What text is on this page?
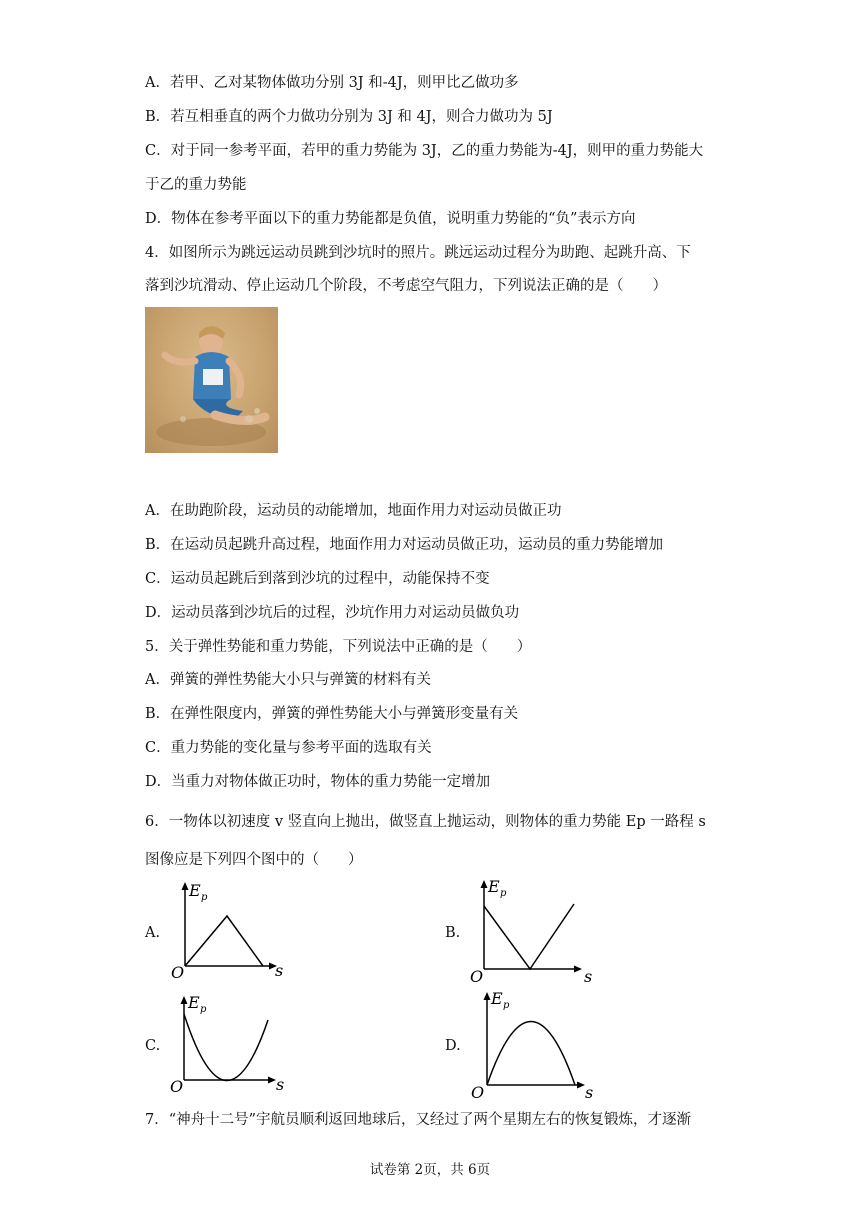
A．若甲、乙对某物体做功分别 3J 和-4J，则甲比乙做功多
B．若互相垂直的两个力做功分别为 3J 和 4J，则合力做功为 5J
C．对于同一参考平面，若甲的重力势能为 3J，乙的重力势能为-4J，则甲的重力势能大
于乙的重力势能
D．物体在参考平面以下的重力势能都是负值，说明重力势能的“负”表示方向
4．如图所示为跳远运动员跳到沙坑时的照片。跳远运动过程分为助跑、起跳升高、下
落到沙坑滑动、停止运动几个阶段，不考虑空气阻力，下列说法正确的是（　　）
A．在助跑阶段，运动员的动能增加，地面作用力对运动员做正功
B．在运动员起跳升高过程，地面作用力对运动员做正功，运动员的重力势能增加
C．运动员起跳后到落到沙坑的过程中，动能保持不变
D．运动员落到沙坑后的过程，沙坑作用力对运动员做负功
5．关于弹性势能和重力势能，下列说法中正确的是（　　）
A．弹簧的弹性势能大小只与弹簧的材料有关
B．在弹性限度内，弹簧的弹性势能大小与弹簧形变量有关
C．重力势能的变化量与参考平面的选取有关
D．当重力对物体做正功时，物体的重力势能一定增加
6．一物体以初速度 v 竖直向上抛出，做竖直上抛运动，则物体的重力势能 Ep 一路程 s
图像应是下列四个图中的（　　）
A.
E p
O	s
B.
E p
O	s
C.
E p
O	s
D.
E p
O	s
7．“神舟十二号”宇航员顺利返回地球后，又经过了两个星期左右的恢复锻炼，才逐渐
试卷第 2页，共 6页
